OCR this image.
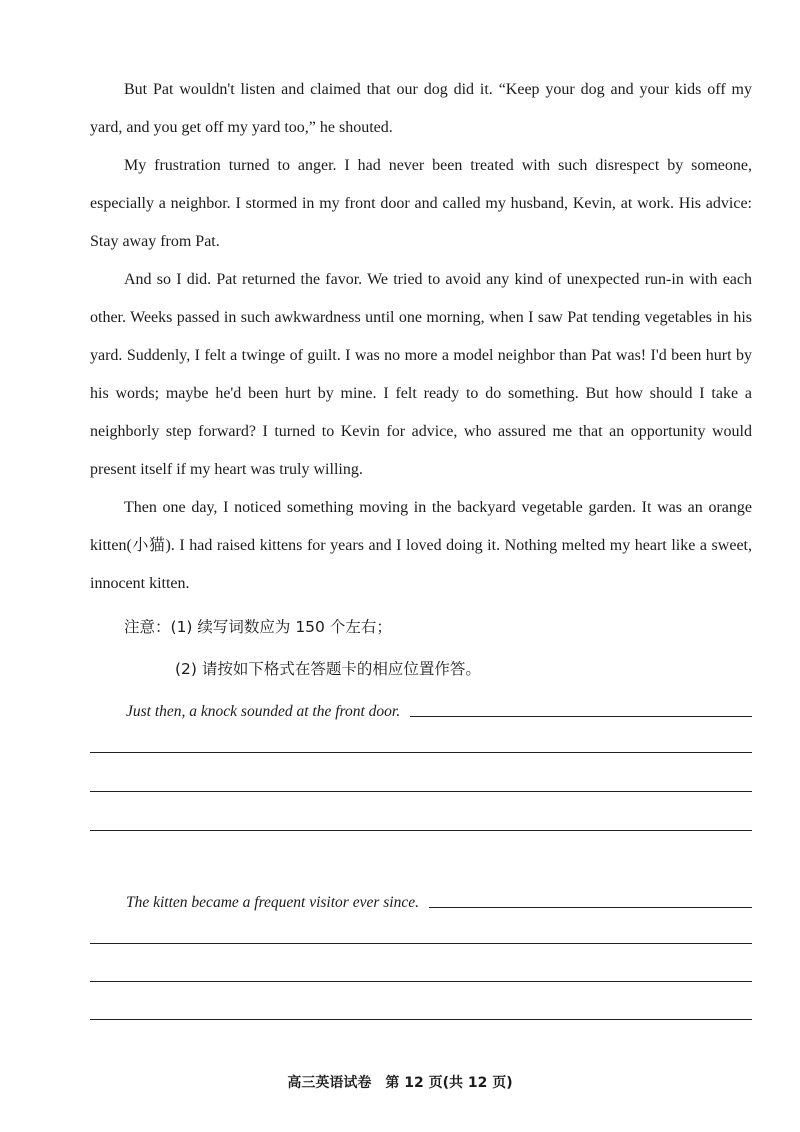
But Pat wouldn't listen and claimed that our dog did it. “Keep your dog and your kids off my yard, and you get off my yard too,” he shouted.

My frustration turned to anger. I had never been treated with such disrespect by someone, especially a neighbor. I stormed in my front door and called my husband, Kevin, at work. His advice: Stay away from Pat.

And so I did. Pat returned the favor. We tried to avoid any kind of unexpected run-in with each other. Weeks passed in such awkwardness until one morning, when I saw Pat tending vegetables in his yard. Suddenly, I felt a twinge of guilt. I was no more a model neighbor than Pat was! I'd been hurt by his words; maybe he'd been hurt by mine. I felt ready to do something. But how should I take a neighborly step forward? I turned to Kevin for advice, who assured me that an opportunity would present itself if my heart was truly willing.

Then one day, I noticed something moving in the backyard vegetable garden. It was an orange kitten(小猫). I had raised kittens for years and I loved doing it. Nothing melted my heart like a sweet, innocent kitten.

注意：(1) 续写词数应为 150 个左右；

(2) 请按如下格式在答题卡的相应位置作答。

Just then, a knock sounded at the front door.
The kitten became a frequent visitor ever since.
高三英语试卷　第 12 页(共 12 页)
